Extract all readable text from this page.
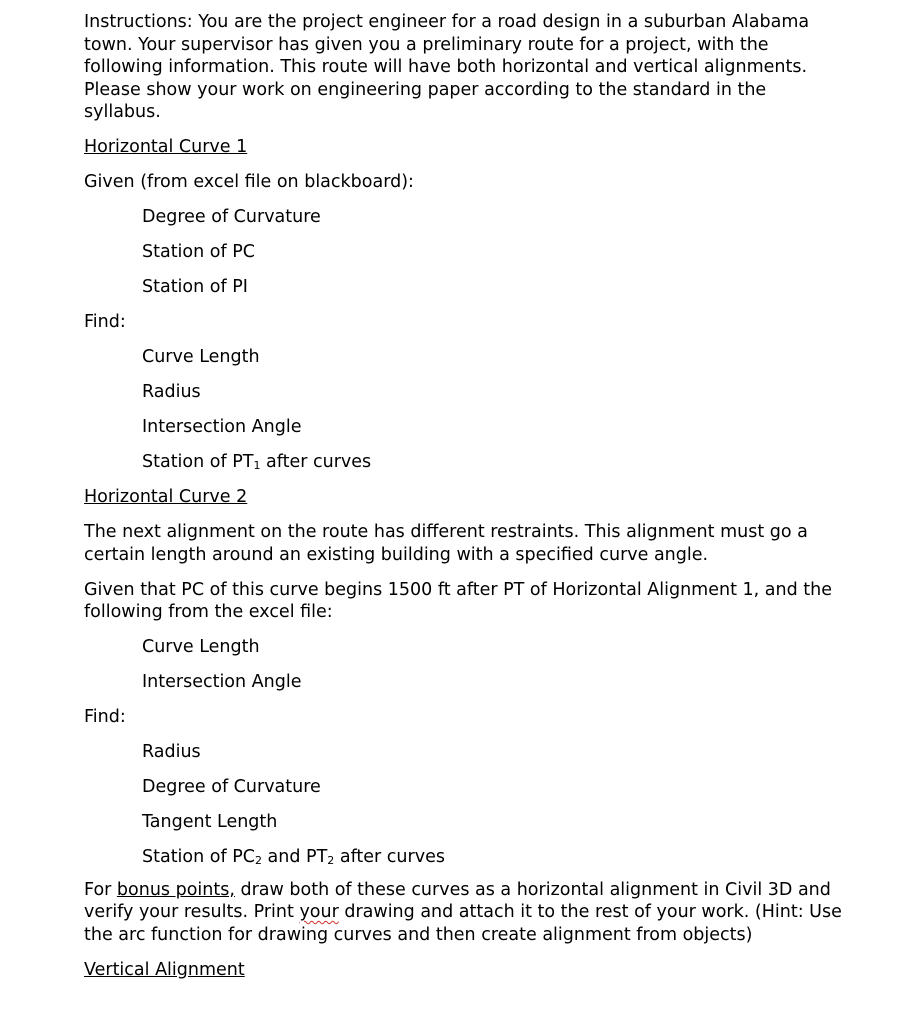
Instructions: You are the project engineer for a road design in a suburban Alabama town. Your supervisor has given you a preliminary route for a project, with the following information. This route will have both horizontal and vertical alignments. Please show your work on engineering paper according to the standard in the syllabus.

Horizontal Curve 1

Given (from excel file on blackboard):

Degree of Curvature

Station of PC

Station of PI

Find:

Curve Length

Radius

Intersection Angle

Station of $PT_1$ after curves

Horizontal Curve 2

The next alignment on the route has different restraints. This alignment must go a certain length around an existing building with a specified curve angle.

Given that PC of this curve begins 1500 ft after PT of Horizontal Alignment 1, and the following from the excel file:

Curve Length

Intersection Angle

Find:

Radius

Degree of Curvature

Tangent Length

Station of $PC_2$ and $PT_2$ after curves

For bonus points, draw both of these curves as a horizontal alignment in Civil 3D and verify your results. Print your drawing and attach it to the rest of your work. (Hint: Use the arc function for drawing curves and then create alignment from objects)

Vertical Alignment
